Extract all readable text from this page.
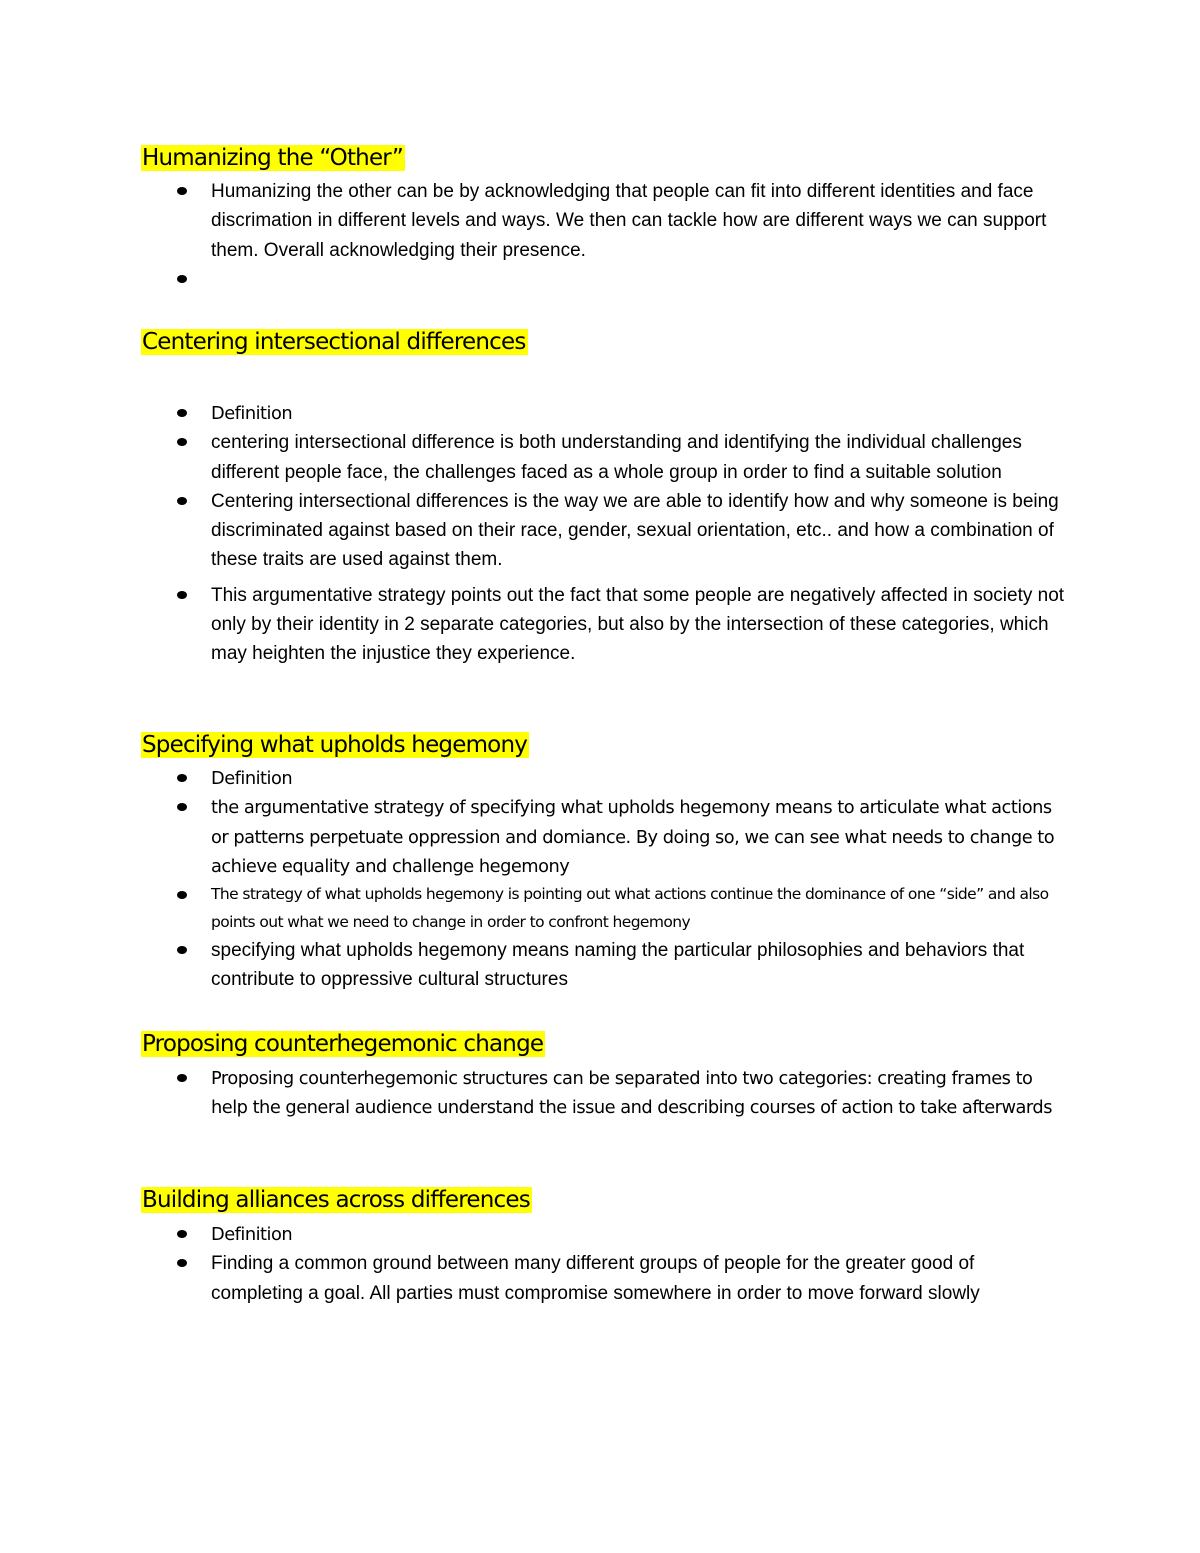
Humanizing the “Other”
Humanizing the other can be by acknowledging that people can fit into different identities and face discrimation in different levels and ways. We then can tackle how are different ways we can support them. Overall acknowledging their presence.
Centering intersectional differences
Definition
centering intersectional difference is both understanding and identifying the individual challenges different people face, the challenges faced as a whole group in order to find a suitable solution
Centering intersectional differences is the way we are able to identify how and why someone is being discriminated against based on their race, gender, sexual orientation, etc.. and how a combination of these traits are used against them.
This argumentative strategy points out the fact that some people are negatively affected in society not only by their identity in 2 separate categories, but also by the intersection of these categories, which may heighten the injustice they experience.
Specifying what upholds hegemony
Definition
the argumentative strategy of specifying what upholds hegemony means to articulate what actions or patterns perpetuate oppression and domiance. By doing so, we can see what needs to change to achieve equality and challenge hegemony
The strategy of what upholds hegemony is pointing out what actions continue the dominance of one “side” and also points out what we need to change in order to confront hegemony
specifying what upholds hegemony means naming the particular philosophies and behaviors that contribute to oppressive cultural structures
Proposing counterhegemonic change
Proposing counterhegemonic structures can be separated into two categories: creating frames to help the general audience understand the issue and describing courses of action to take afterwards
Building alliances across differences
Definition
Finding a common ground between many different groups of people for the greater good of completing a goal. All parties must compromise somewhere in order to move forward slowly
